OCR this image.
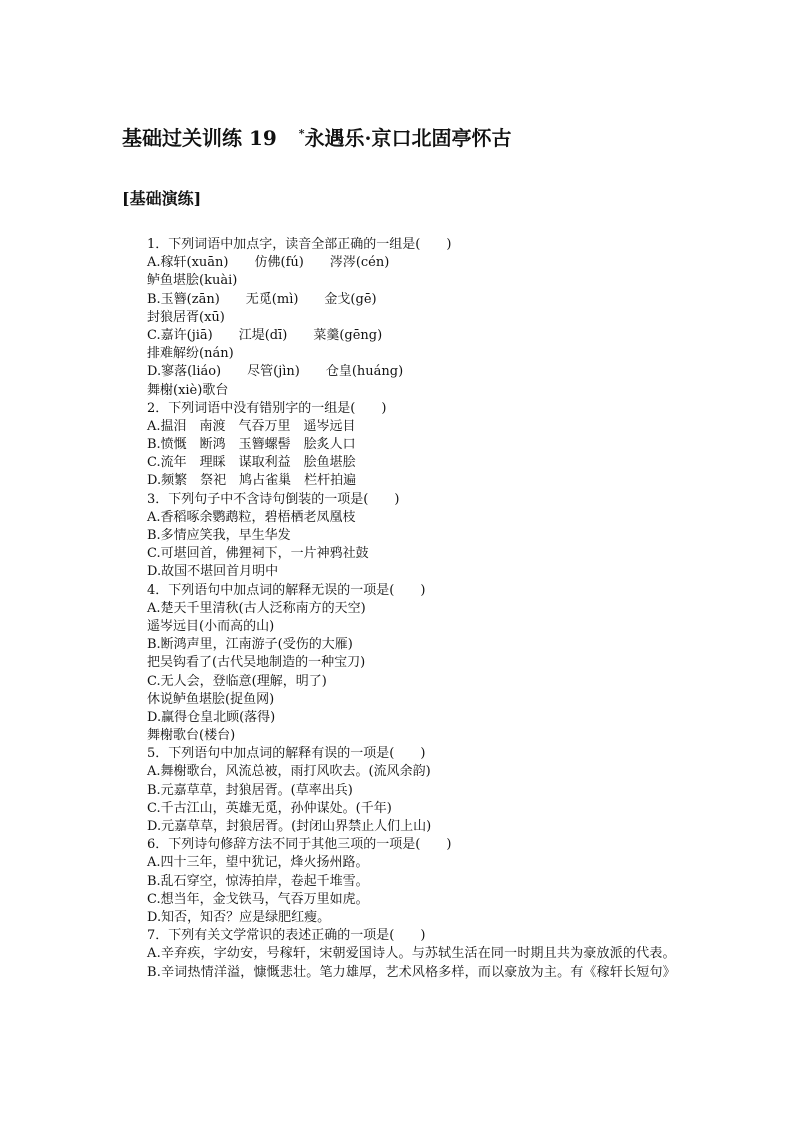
基础过关训练 19 *永遇乐·京口北固亭怀古
[基础演练]
1．下列词语中加点字，读音全部正确的一组是(　　)
A.稼轩(xuān)　　仿佛(fú)　　涔涔(cén)
鲈鱼堪脍(kuài)
B.玉簪(zān)　　无觅(mì)　　金戈(gē)
封狼居胥(xū)
C.嘉许(jiā)　　江堤(dī)　　菜羹(gēng)
排难解纷(nán)
D.寥落(liáo)　　尽管(jìn)　　仓皇(huáng)
舞榭(xiè)歌台
2．下列词语中没有错别字的一组是(　　)
A.揾泪　南渡　气吞万里　遥岑远目
B.愤慨　断鸿　玉簪螺髻　脍炙人口
C.流年　理睬　谋取利益　脍鱼堪脍
D.频繁　祭祀　鸠占雀巢　栏杆拍遍
3．下列句子中不含诗句倒装的一项是(　　)
A.香稻啄余鹦鹉粒，碧梧栖老凤凰枝
B.多情应笑我，早生华发
C.可堪回首，佛狸祠下，一片神鸦社鼓
D.故国不堪回首月明中
4．下列语句中加点词的解释无误的一项是(　　)
A.楚天千里清秋(古人泛称南方的天空)
遥岑远目(小而高的山)
B.断鸿声里，江南游子(受伤的大雁)
把吴钩看了(古代吴地制造的一种宝刀)
C.无人会，登临意(理解，明了)
休说鲈鱼堪脍(捉鱼网)
D.赢得仓皇北顾(落得)
舞榭歌台(楼台)
5．下列语句中加点词的解释有误的一项是(　　)
A.舞榭歌台，风流总被，雨打风吹去。(流风余韵)
B.元嘉草草，封狼居胥。(草率出兵)
C.千古江山，英雄无觅，孙仲谋处。(千年)
D.元嘉草草，封狼居胥。(封闭山界禁止人们上山)
6．下列诗句修辞方法不同于其他三项的一项是(　　)
A.四十三年，望中犹记，烽火扬州路。
B.乱石穿空，惊涛拍岸，卷起千堆雪。
C.想当年，金戈铁马，气吞万里如虎。
D.知否，知否？应是绿肥红瘦。
7．下列有关文学常识的表述正确的一项是(　　)
A.辛弃疾，字幼安，号稼轩，宋朝爱国诗人。与苏轼生活在同一时期且共为豪放派的代表。
B.辛词热情洋溢，慷慨悲壮。笔力雄厚，艺术风格多样，而以豪放为主。有《稼轩长短句》
